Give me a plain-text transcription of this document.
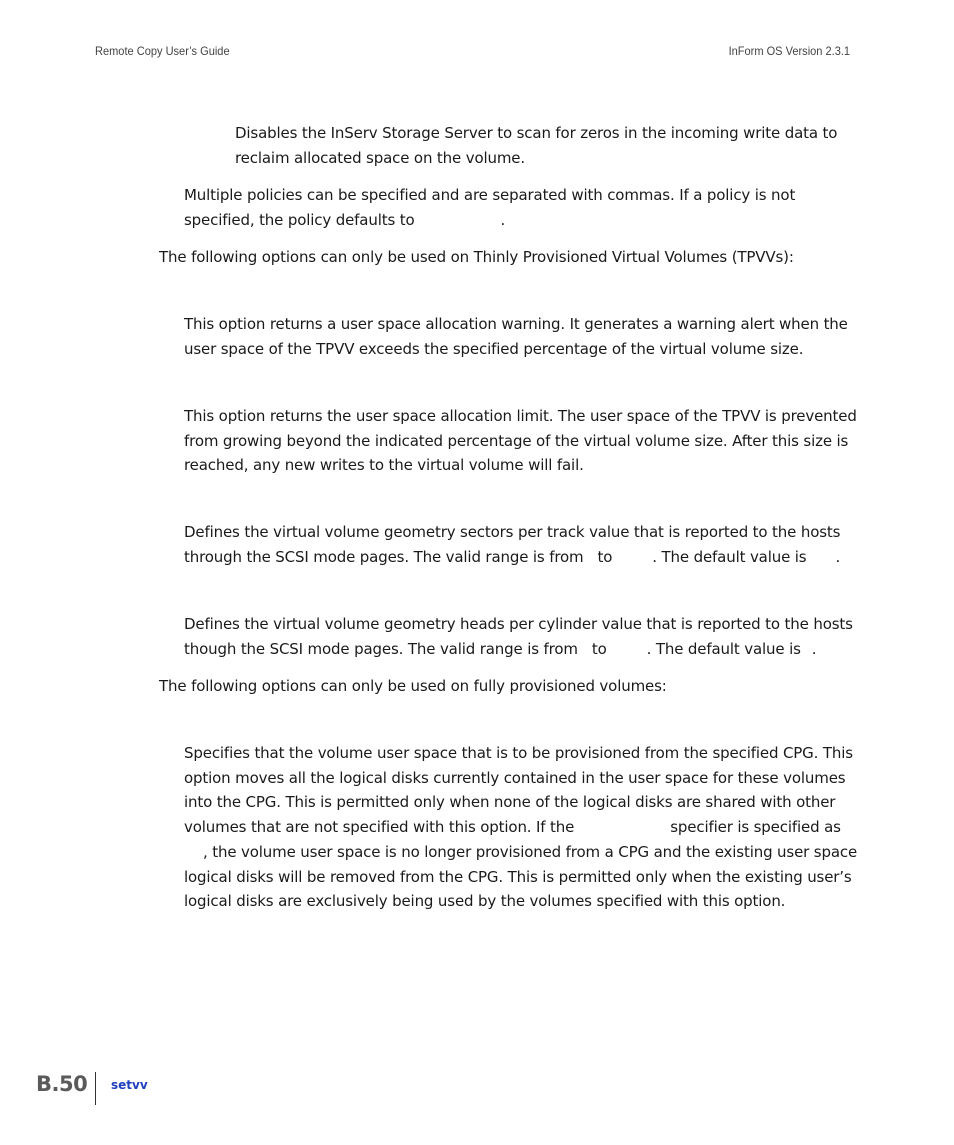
Remote Copy User’s Guide	InForm OS Version 2.3.1

Disables the InServ Storage Server to scan for zeros in the incoming write data to
reclaim allocated space on the volume.

Multiple policies can be specified and are separated with commas. If a policy is not
specified, the policy defaults to	.

The following options can only be used on Thinly Provisioned Virtual Volumes (TPVVs):

This option returns a user space allocation warning. It generates a warning alert when the
user space of the TPVV exceeds the specified percentage of the virtual volume size.

This option returns the user space allocation limit. The user space of the TPVV is prevented
from growing beyond the indicated percentage of the virtual volume size. After this size is
reached, any new writes to the virtual volume will fail.

Defines the virtual volume geometry sectors per track value that is reported to the hosts
through the SCSI mode pages. The valid range is from to	. The default value is .

Defines the virtual volume geometry heads per cylinder value that is reported to the hosts
though the SCSI mode pages. The valid range is from to	. The default value is .

The following options can only be used on fully provisioned volumes:

Specifies that the volume user space that is to be provisioned from the specified CPG. This
option moves all the logical disks currently contained in the user space for these volumes
into the CPG. This is permitted only when none of the logical disks are shared with other
volumes that are not specified with this option. If the	specifier is specified as
, the volume user space is no longer provisioned from a CPG and the existing user space
logical disks will be removed from the CPG. This is permitted only when the existing user’s
logical disks are exclusively being used by the volumes specified with this option.

B.50 setvv
